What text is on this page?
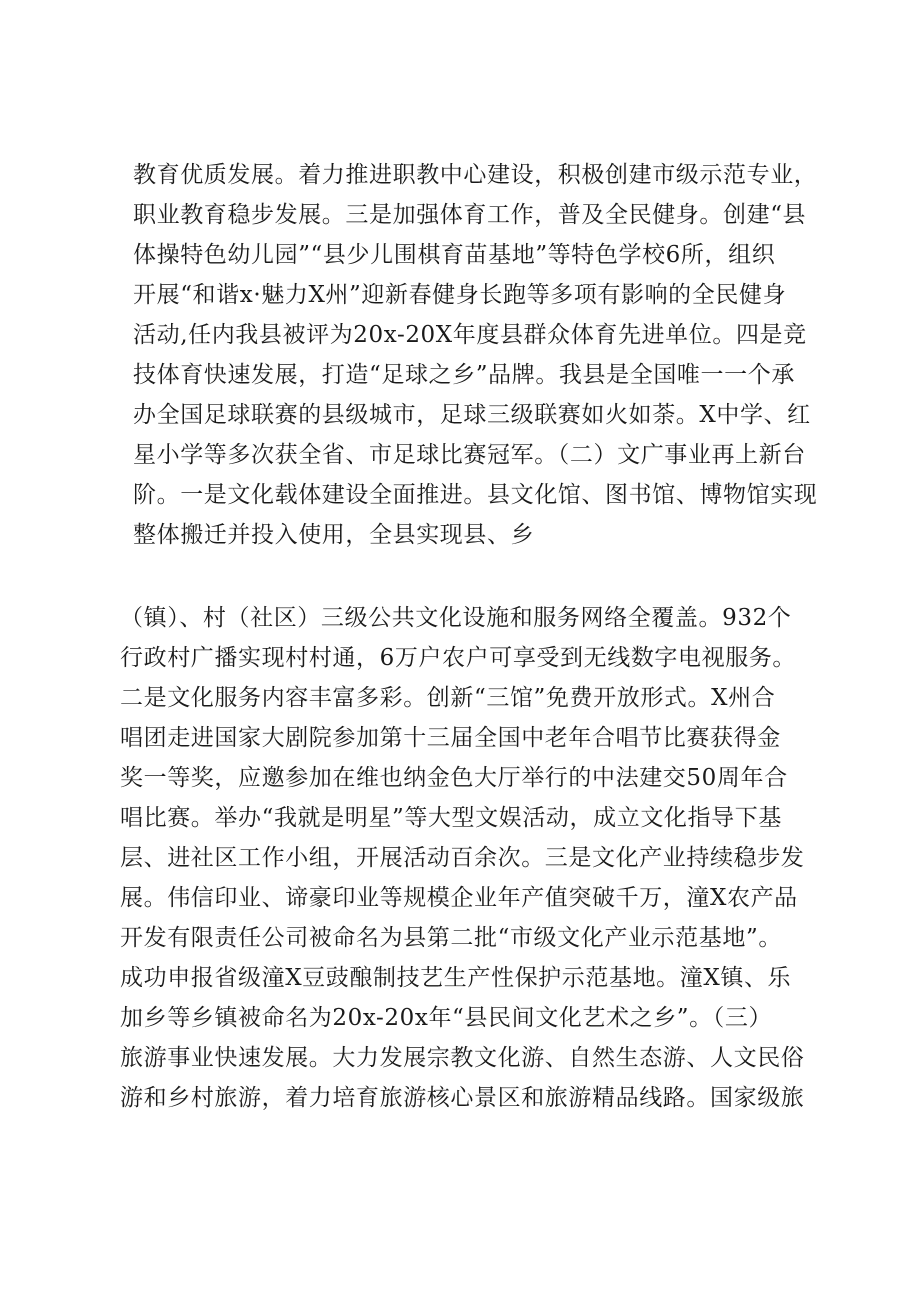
教育优质发展。着力推进职教中心建设，积极创建市级示范专业，
职业教育稳步发展。三是加强体育工作，普及全民健身。创建“县
体操特色幼儿园”“县少儿围棋育苗基地”等特色学校6所，组织
开展“和谐x·魅力X州”迎新春健身长跑等多项有影响的全民健身
活动,任内我县被评为20x-20X年度县群众体育先进单位。四是竞
技体育快速发展，打造“足球之乡”品牌。我县是全国唯一一个承
办全国足球联赛的县级城市，足球三级联赛如火如荼。X中学、红
星小学等多次获全省、市足球比赛冠军。（二）文广事业再上新台
阶。一是文化载体建设全面推进。县文化馆、图书馆、博物馆实现
整体搬迁并投入使用，全县实现县、乡
（镇）、村（社区）三级公共文化设施和服务网络全覆盖。932个
行政村广播实现村村通，6万户农户可享受到无线数字电视服务。
二是文化服务内容丰富多彩。创新“三馆”免费开放形式。X州合
唱团走进国家大剧院参加第十三届全国中老年合唱节比赛获得金
奖一等奖，应邀参加在维也纳金色大厅举行的中法建交50周年合
唱比赛。举办“我就是明星”等大型文娱活动，成立文化指导下基
层、进社区工作小组，开展活动百余次。三是文化产业持续稳步发
展。伟信印业、谛豪印业等规模企业年产值突破千万，潼X农产品
开发有限责任公司被命名为县第二批“市级文化产业示范基地”。
成功申报省级潼X豆豉酿制技艺生产性保护示范基地。潼X镇、乐
加乡等乡镇被命名为20x-20x年“县民间文化艺术之乡”。（三）
旅游事业快速发展。大力发展宗教文化游、自然生态游、人文民俗
游和乡村旅游，着力培育旅游核心景区和旅游精品线路。国家级旅
